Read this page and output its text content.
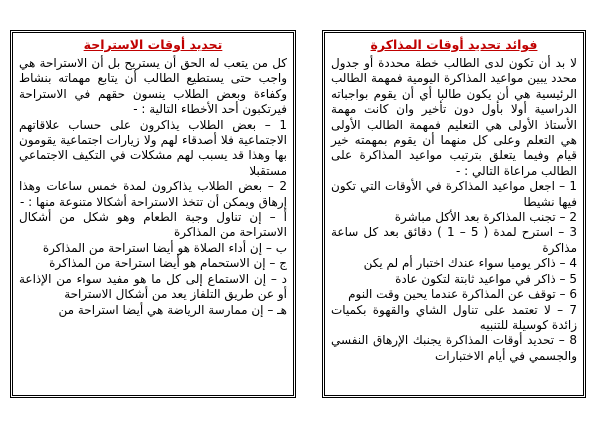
فوائد تحديد أوقات المذاكرة

لا بد أن تكون لدى الطالب خطة محددة أو جدول محدد يبين مواعيد المذاكرة اليومية فمهمة الطالب الرئيسية هي أن يكون طالبا أي أن يقوم بواجباته الدراسية أولا بأول دون تأخير وان كانت مهمة الأستاذ الأولى هي التعليم فمهمة الطالب الأولى هي التعلم وعلى كل منهما أن يقوم بمهمته خير قيام وفيما يتعلق بترتيب مواعيد المذاكرة على الطالب مراعاة التالي : -

1 – اجعل مواعيد المذاكرة في الأوقات التي تكون فيها نشيطا

2 – تجنب المذاكرة بعد الأكل مباشرة

3 – استرح لمدة ( 5 – 1 ) دقائق بعد كل ساعة مذاكرة

4 – ذاكر يوميا سواء عندك اختبار أم لم يكن

5 – ذاكر في مواعيد ثابتة لتكون عادة

6 – توقف عن المذاكرة عندما يحين وقت النوم

7 – لا تعتمد على تناول الشاي والقهوة بكميات زائدة كوسيلة للتنبيه

8 – تحديد أوقات المذاكرة يجنبك الإرهاق النفسي والجسمي في أيام الاختبارات

تحديد أوقات الاستراحة

كل من يتعب له الحق أن يستريح بل أن الاستراحة هي واجب حتى يستطيع الطالب أن يتابع مهماته بنشاط وكفاءة وبعض الطلاب ينسون حقهم في الاستراحة فيرتكبون أحد الأخطاء التالية : -

1 – بعض الطلاب يذاكرون على حساب علاقاتهم الاجتماعية فلا أصدقاء لهم ولا زيارات اجتماعية يقومون بها وهذا قد يسبب لهم مشكلات في التكيف الاجتماعي مستقبلا

2 – بعض الطلاب يذاكرون لمدة خمس ساعات وهذا إرهاق ويمكن أن تتخذ الاستراحة أشكالا متنوعة منها : -

أ – إن تناول وجبة الطعام وهو شكل من أشكال الاستراحة من المذاكرة

ب – إن أداء الصلاة هو أيضا استراحة من المذاكرة

ج – إن الاستحمام هو أيضا استراحة من المذاكرة

د – إن الاستماع إلى كل ما هو مفيد سواء من الإذاعة أو عن طريق التلفاز يعد من أشكال الاستراحة

هـ – إن ممارسة الرياضة هي أيضا استراحة من
